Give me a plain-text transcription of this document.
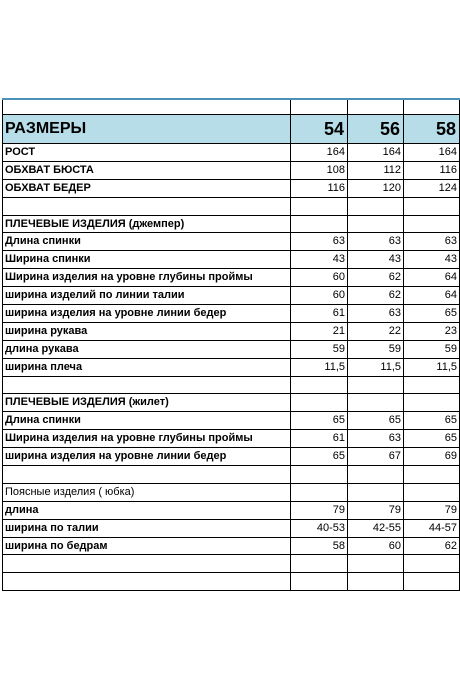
РАЗМЕРЫ	54	56	58
РОСТ	164	164	164
ОБХВАТ БЮСТА	108	112	116
ОБХВАТ БЕДЕР	116	120	124

ПЛЕЧЕВЫЕ ИЗДЕЛИЯ (джемпер)			
Длина спинки	63	63	63
Ширина спинки	43	43	43
Ширина изделия на уровне глубины проймы	60	62	64
ширина изделий по линии талии	60	62	64
ширина изделия на уровне линии бедер	61	63	65
ширина рукава	21	22	23
длина рукава	59	59	59
ширина плеча	11,5	11,5	11,5

ПЛЕЧЕВЫЕ ИЗДЕЛИЯ (жилет)			
Длина спинки	65	65	65
Ширина изделия на уровне глубины проймы	61	63	65
ширина изделия на уровне линии бедер	65	67	69

Поясные изделия ( юбка)			
длина	79	79	79
ширина по талии	40-53	42-55	44-57
ширина по бедрам	58	60	62
